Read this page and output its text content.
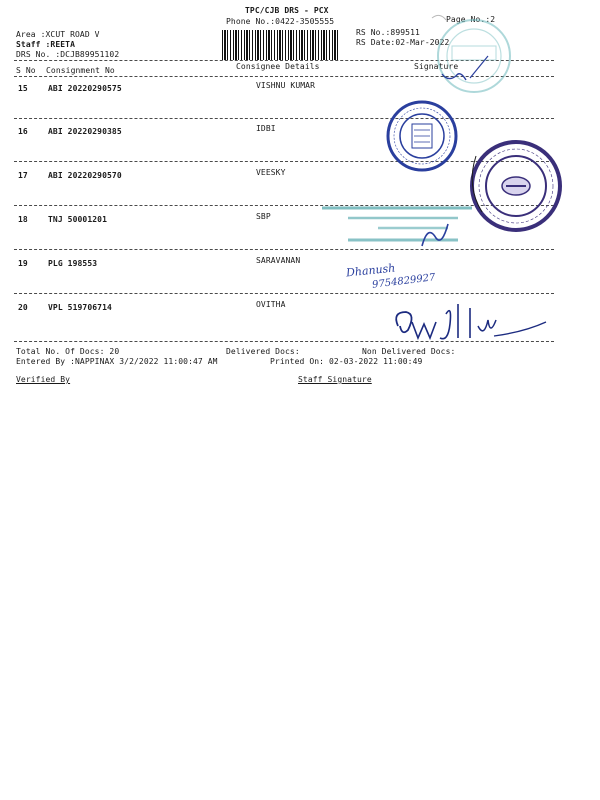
TPC/CJB DRS - PCX
Phone No.:0422-3505555	Page No.:2
Area :XCUT ROAD V
Staff :REETA
DRS No. :DCJB89951102
RS No.:899511
RS Date:02-Mar-2022
S No Consignment No	Consignee Details	Signature
15	ABI 20220290575	VISHNU KUMAR
16	ABI 20220290385	IDBI
17	ABI 20220290570	VEESKY
18	TNJ 50001201	SBP
19	PLG 198553	SARAVANAN
20	VPL 519706714	OVITHA
Total No. Of Docs: 20	Delivered Docs:	Non Delivered Docs:
Entered By :NAPPINAX 3/2/2022 11:00:47 AM	Printed On: 02-03-2022 11:00:49
Verified By	Staff Signature
Dhanush
9754829927
